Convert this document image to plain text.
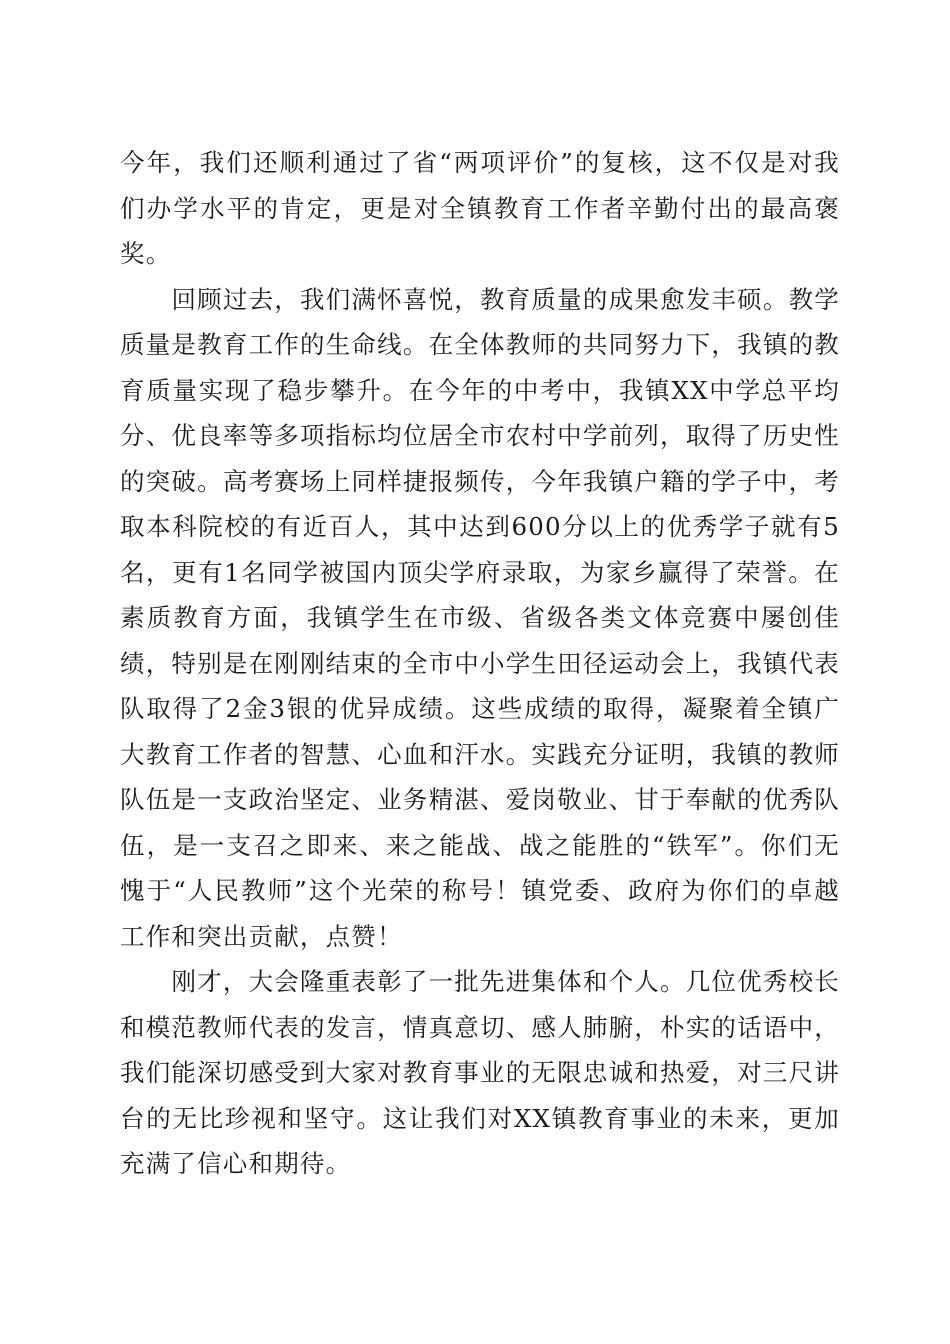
今年，我们还顺利通过了省“两项评价”的复核，这不仅是对我们办学水平的肯定，更是对全镇教育工作者辛勤付出的最高褒奖。

回顾过去，我们满怀喜悦，教育质量的成果愈发丰硕。教学质量是教育工作的生命线。在全体教师的共同努力下，我镇的教育质量实现了稳步攀升。在今年的中考中，我镇XX中学总平均分、优良率等多项指标均位居全市农村中学前列，取得了历史性的突破。高考赛场上同样捷报频传，今年我镇户籍的学子中，考取本科院校的有近百人，其中达到600分以上的优秀学子就有5名，更有1名同学被国内顶尖学府录取，为家乡赢得了荣誉。在素质教育方面，我镇学生在市级、省级各类文体竞赛中屡创佳绩，特别是在刚刚结束的全市中小学生田径运动会上，我镇代表队取得了2金3银的优异成绩。这些成绩的取得，凝聚着全镇广大教育工作者的智慧、心血和汗水。实践充分证明，我镇的教师队伍是一支政治坚定、业务精湛、爱岗敬业、甘于奉献的优秀队伍，是一支召之即来、来之能战、战之能胜的“铁军”。你们无愧于“人民教师”这个光荣的称号！镇党委、政府为你们的卓越工作和突出贡献，点赞！

刚才，大会隆重表彰了一批先进集体和个人。几位优秀校长和模范教师代表的发言，情真意切、感人肺腑，朴实的话语中，我们能深切感受到大家对教育事业的无限忠诚和热爱，对三尺讲台的无比珍视和坚守。这让我们对XX镇教育事业的未来，更加充满了信心和期待。
